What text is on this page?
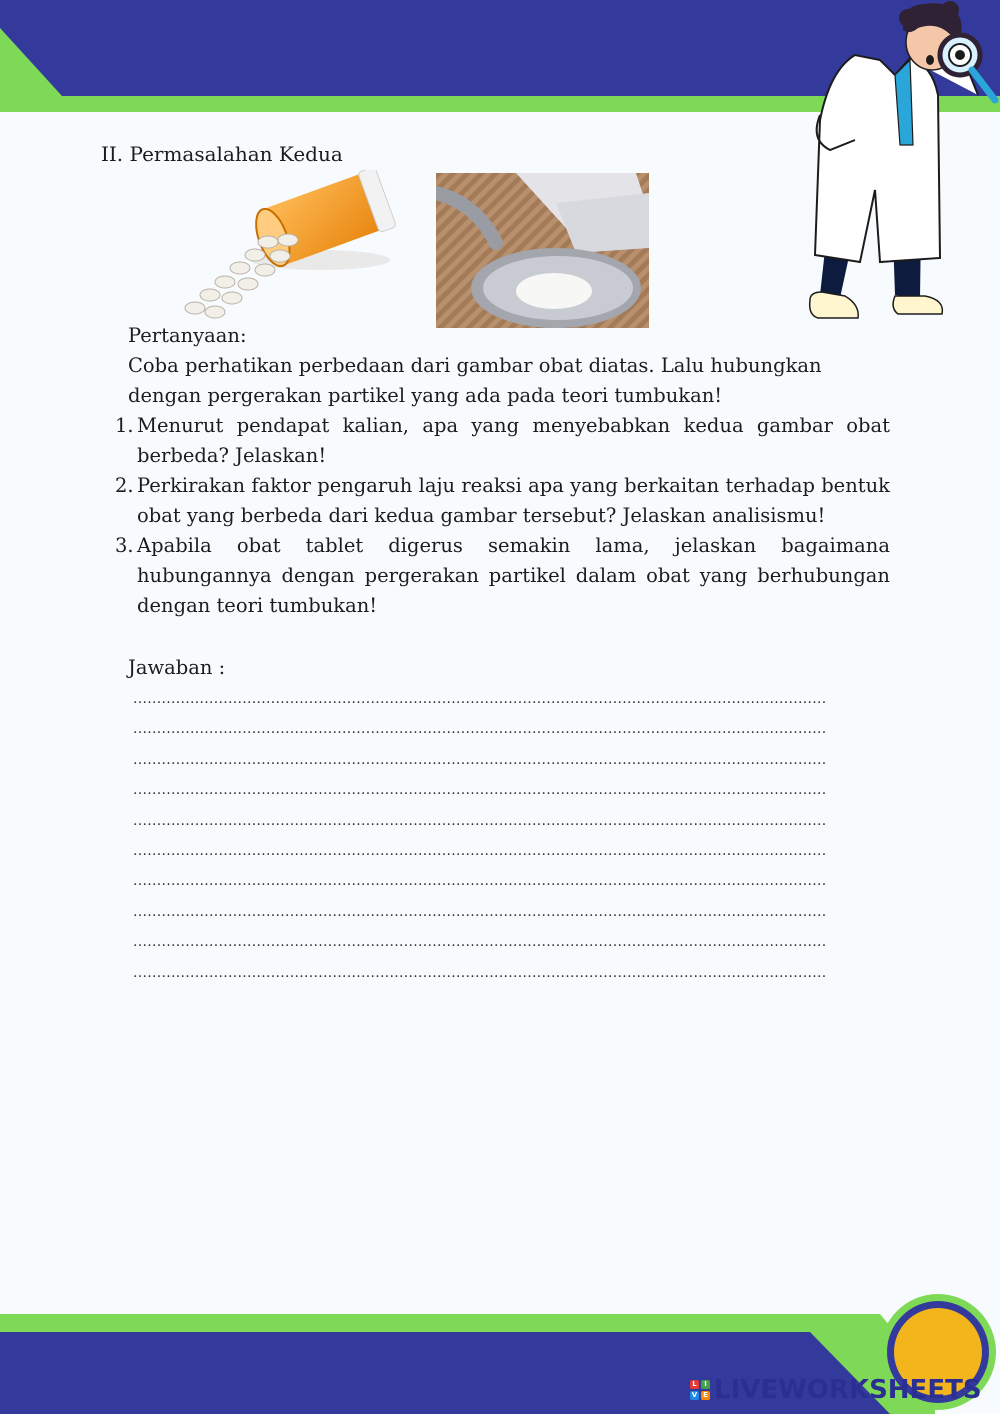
II. Permasalahan Kedua
Pertanyaan:
Coba perhatikan perbedaan dari gambar obat diatas. Lalu hubungkan dengan pergerakan partikel yang ada pada teori tumbukan!
1. Menurut pendapat kalian, apa yang menyebabkan kedua gambar obat berbeda? Jelaskan!
2. Perkirakan faktor pengaruh laju reaksi apa yang berkaitan terhadap bentuk obat yang berbeda dari kedua gambar tersebut? Jelaskan analisismu!
3. Apabila obat tablet digerus semakin lama, jelaskan bagaimana hubungannya dengan pergerakan partikel dalam obat yang berhubungan dengan teori tumbukan!
Jawaban :
..................................................................................................................................................
..................................................................................................................................................
..................................................................................................................................................
..................................................................................................................................................
..................................................................................................................................................
..................................................................................................................................................
..................................................................................................................................................
..................................................................................................................................................
..................................................................................................................................................
..................................................................................................................................................
L	I
V E LIVEWORKSHEETS
